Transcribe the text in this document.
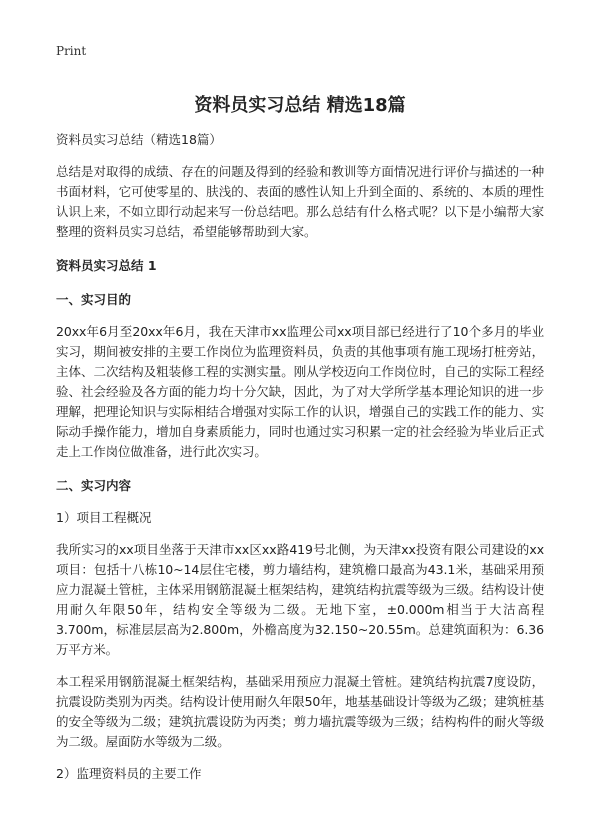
Print
资料员实习总结 精选18篇
资料员实习总结（精选18篇）
总结是对取得的成绩、存在的问题及得到的经验和教训等方面情况进行评价与描述的一种书面材料，它可使零星的、肤浅的、表面的感性认知上升到全面的、系统的、本质的理性认识上来，不如立即行动起来写一份总结吧。那么总结有什么格式呢？以下是小编帮大家整理的资料员实习总结，希望能够帮助到大家。
资料员实习总结 1
一、实习目的
20xx年6月至20xx年6月，我在天津市xx监理公司xx项目部已经进行了10个多月的毕业实习，期间被安排的主要工作岗位为监理资料员，负责的其他事项有施工现场打桩旁站，主体、二次结构及粗装修工程的实测实量。刚从学校迈向工作岗位时，自己的实际工程经验、社会经验及各方面的能力均十分欠缺，因此，为了对大学所学基本理论知识的进一步理解，把理论知识与实际相结合增强对实际工作的认识，增强自己的实践工作的能力、实际动手操作能力，增加自身素质能力，同时也通过实习积累一定的社会经验为毕业后正式走上工作岗位做准备，进行此次实习。
二、实习内容
1）项目工程概况
我所实习的xx项目坐落于天津市xx区xx路419号北侧，为天津xx投资有限公司建设的xx项目：包括十八栋10~14层住宅楼，剪力墙结构，建筑檐口最高为43.1米，基础采用预应力混凝土管桩，主体采用钢筋混凝土框架结构，建筑结构抗震等级为三级。结构设计使用耐久年限50年，结构安全等级为二级。无地下室，±0.000m相当于大沽高程3.700m，标准层层高为2.800m，外檐高度为32.150~20.55m。总建筑面积为：6.36万平方米。
本工程采用钢筋混凝土框架结构，基础采用预应力混凝土管桩。建筑结构抗震7度设防，抗震设防类别为丙类。结构设计使用耐久年限50年，地基基础设计等级为乙级；建筑桩基的安全等级为二级；建筑抗震设防为丙类；剪力墙抗震等级为三级；结构构件的耐火等级为二级。屋面防水等级为二级。
2）监理资料员的主要工作
